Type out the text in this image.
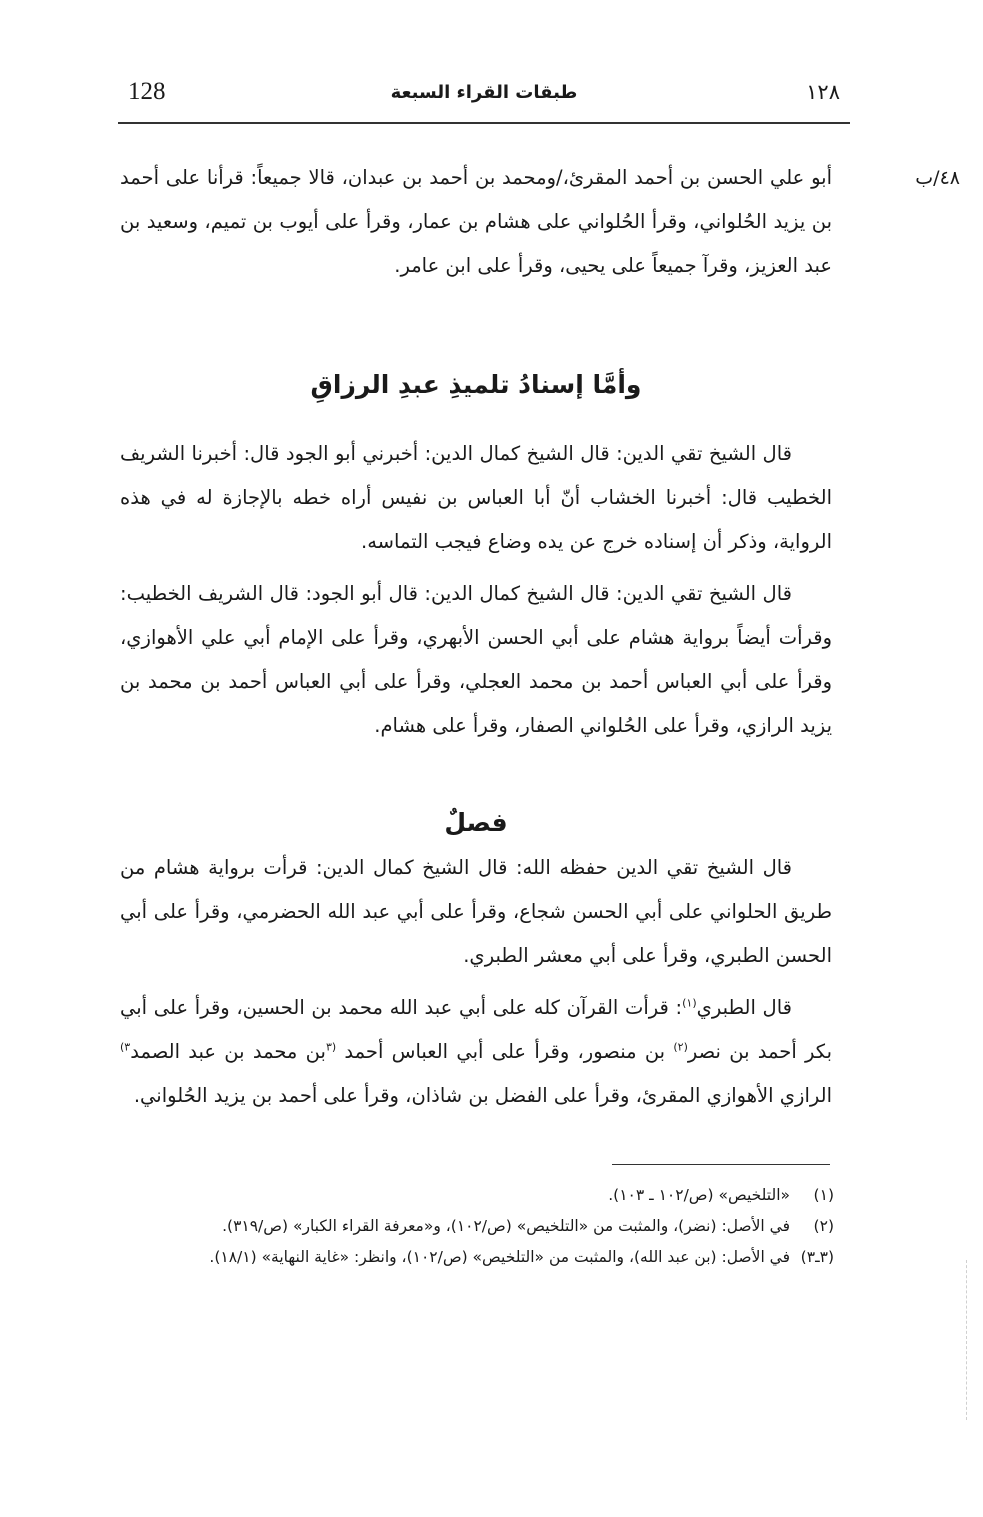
128	طبقات القراء السبعة	١٢٨
٤٨/ب

أبو علي الحسن بن أحمد المقرئ،/ومحمد بن أحمد بن عبدان، قالا جميعاً: قرأنا على أحمد بن يزيد الحُلواني، وقرأ الحُلواني على هشام بن عمار، وقرأ على أيوب بن تميم، وسعيد بن عبد العزيز، وقرآ جميعاً على يحيى، وقرأ على ابن عامر.

وأمَّا إسنادُ تلميذِ عبدِ الرزاقِ

قال الشيخ تقي الدين: قال الشيخ كمال الدين: أخبرني أبو الجود قال: أخبرنا الشريف الخطيب قال: أخبرنا الخشاب أنّ أبا العباس بن نفيس أراه خطه بالإجازة له في هذه الرواية، وذكر أن إسناده خرج عن يده وضاع فيجب التماسه.

قال الشيخ تقي الدين: قال الشيخ كمال الدين: قال أبو الجود: قال الشريف الخطيب: وقرأت أيضاً برواية هشام على أبي الحسن الأبهري، وقرأ على الإمام أبي علي الأهوازي، وقرأ على أبي العباس أحمد بن محمد العجلي، وقرأ على أبي العباس أحمد بن محمد بن يزيد الرازي، وقرأ على الحُلواني الصفار، وقرأ على هشام.

فصلٌ

قال الشيخ تقي الدين حفظه الله: قال الشيخ كمال الدين: قرأت برواية هشام من طريق الحلواني على أبي الحسن شجاع، وقرأ على أبي عبد الله الحضرمي، وقرأ على أبي الحسن الطبري، وقرأ على أبي معشر الطبري.

قال الطبري$^{(١)}$: قرأت القرآن كله على أبي عبد الله محمد بن الحسين، وقرأ على أبي بكر أحمد بن نصر$^{(٢)}$ بن منصور، وقرأ على أبي العباس أحمد $^{(٣}$بن محمد بن عبد الصمد$^{٣)}$ الرازي الأهوازي المقرئ، وقرأ على الفضل بن شاذان، وقرأ على أحمد بن يزيد الحُلواني.

(١)
«التلخيص» (ص/١٠٢ ـ ١٠٣).

(٢)
في الأصل: (نضر)، والمثبت من «التلخيص» (ص/١٠٢)، و«معرفة القراء الكبار» (ص/٣١٩).

(٣ـ٣)
في الأصل: (بن عبد الله)، والمثبت من «التلخيص» (ص/١٠٢)، وانظر: «غاية النهاية» (١٨/١).
